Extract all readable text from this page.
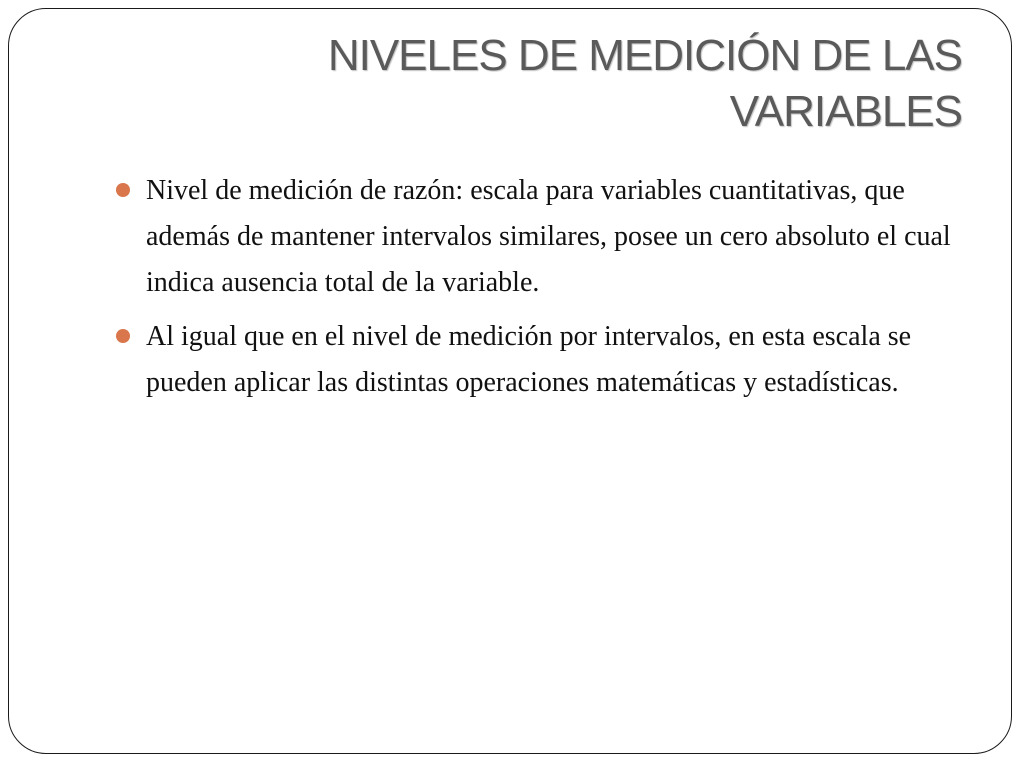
NIVELES DE MEDICIÓN DE LAS VARIABLES
Nivel de medición de razón: escala para variables cuantitativas, que además de mantener intervalos similares, posee un cero absoluto el cual indica ausencia total de la variable.
Al igual que en el nivel de medición por intervalos, en esta escala se pueden aplicar las distintas operaciones matemáticas y estadísticas.
